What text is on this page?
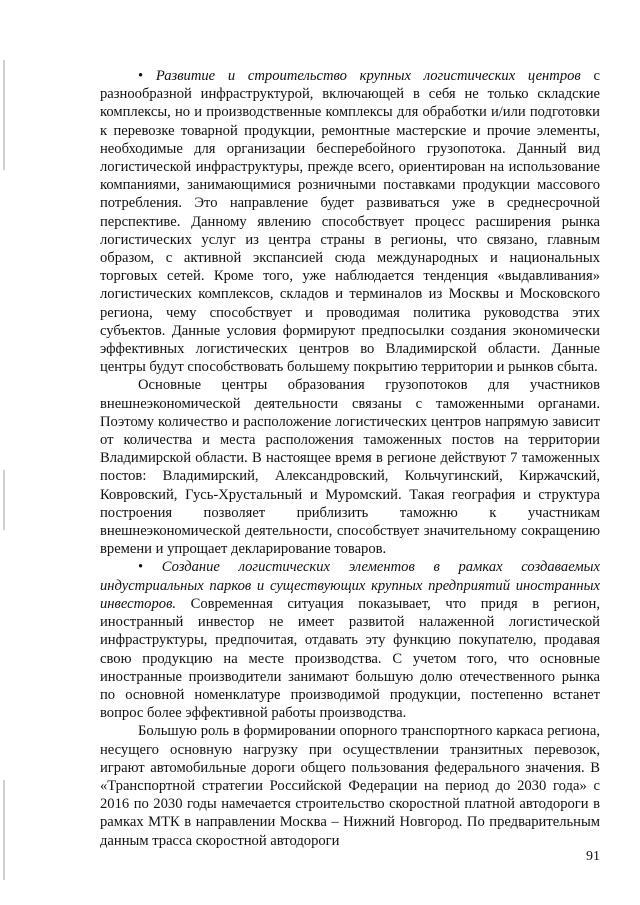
• Развитие и строительство крупных логистических центров с разнообразной инфраструктурой, включающей в себя не только складские комплексы, но и производственные комплексы для обработки и/или подготовки к перевозке товарной продукции, ремонтные мастерские и прочие элементы, необходимые для организации бесперебойного грузопотока. Данный вид логистической инфраструктуры, прежде всего, ориентирован на использование компаниями, занимающимися розничными поставками продукции массового потребления. Это направление будет развиваться уже в среднесрочной перспективе. Данному явлению способствует процесс расширения рынка логистических услуг из центра страны в регионы, что связано, главным образом, с активной экспансией сюда международных и национальных торговых сетей. Кроме того, уже наблюдается тенденция «выдавливания» логистических комплексов, складов и терминалов из Москвы и Московского региона, чему способствует и проводимая политика руководства этих субъектов. Данные условия формируют предпосылки создания экономически эффективных логистических центров во Владимирской области. Данные центры будут способствовать большему покрытию территории и рынков сбыта.

Основные центры образования грузопотоков для участников внешнеэкономической деятельности связаны с таможенными органами. Поэтому количество и расположение логистических центров напрямую зависит от количества и места расположения таможенных постов на территории Владимирской области. В настоящее время в регионе действуют 7 таможенных постов: Владимирский, Александровский, Кольчугинский, Киржачский, Ковровский, Гусь-Хрустальный и Муромский. Такая география и структура построения позволяет приблизить таможню к участникам внешнеэкономической деятельности, способствует значительному сокращению времени и упрощает декларирование товаров.

• Создание логистических элементов в рамках создаваемых индустриальных парков и существующих крупных предприятий иностранных инвесторов. Современная ситуация показывает, что придя в регион, иностранный инвестор не имеет развитой налаженной логистической инфраструктуры, предпочитая, отдавать эту функцию покупателю, продавая свою продукцию на месте производства. С учетом того, что основные иностранные производители занимают большую долю отечественного рынка по основной номенклатуре производимой продукции, постепенно встанет вопрос более эффективной работы производства.

Большую роль в формировании опорного транспортного каркаса региона, несущего основную нагрузку при осуществлении транзитных перевозок, играют автомобильные дороги общего пользования федерального значения. В «Транспортной стратегии Российской Федерации на период до 2030 года» с 2016 по 2030 годы намечается строительство скоростной платной автодороги в рамках МТК в направлении Москва – Нижний Новгород. По предварительным данным трасса скоростной автодороги

91
